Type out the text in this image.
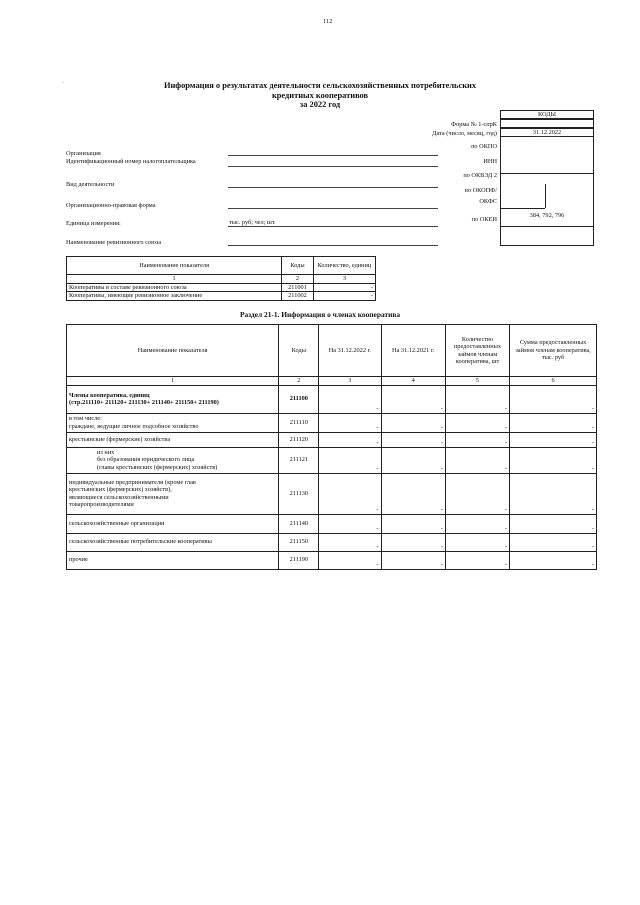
112
·	Информация о результатах деятельности сельскохозяйственных потребительских
кредитных кооперативов
за 2022 год
КОДЫ
31.12.2022
384, 792, 796
Форма № 1-спрК
Дата (число, месяц, год)
по ОКПО
ИНН
по ОКВЭД 2
по ОКОПФ/
ОКФС
по ОКЕИ
Организация
Идентификационный номер налогоплательщика
Вид деятельности
Организационно-правовая форма
Единица измерения:	тыс. руб; чел; шт.
Наименование ревизионного союза
Наименование показателя	Коды	Количество, единиц
1	2	3
Кооперативы в составе ревизионного союза	211001	-
Кооперативы, имеющие ревизионное заключение	211002	-
Раздел 21-1. Информация о членах кооператива
Наименование показателя	Коды	На 31.12.2022 г.	На 31.12.2021 г.	Количество предоставленных займов членам кооператива, шт	Сумма предоставленных займов членам кооператива, тыс. руб
1	2	3	4	5	6

Члены кооператива, единиц
(стр.211110+ 211120+ 211130+ 211140+ 211150+ 211190)	211100	-	-	-	-

в том числе:
граждане, ведущие личное подсобное хозяйство	211110	-	-	-	-

крестьянские (фермерские) хозяйства	211120	-	-	-	-

из них
без образования юридического лица
(главы крестьянских (фермерских) хозяйств)	211121	-	-	-	-

индивидуальные предприниматели (кроме глав
крестьянских (фермерских) хозяйств),
являющиеся сельскохозяйственными
товаропроизводителями	211130	-	-	-	-

сельскохозяйственные организации	211140	-	-	-	-

сельскохозяйственные потребительские кооперативы	211150	-	-	-	-

прочие	211190	-	-	-	-
